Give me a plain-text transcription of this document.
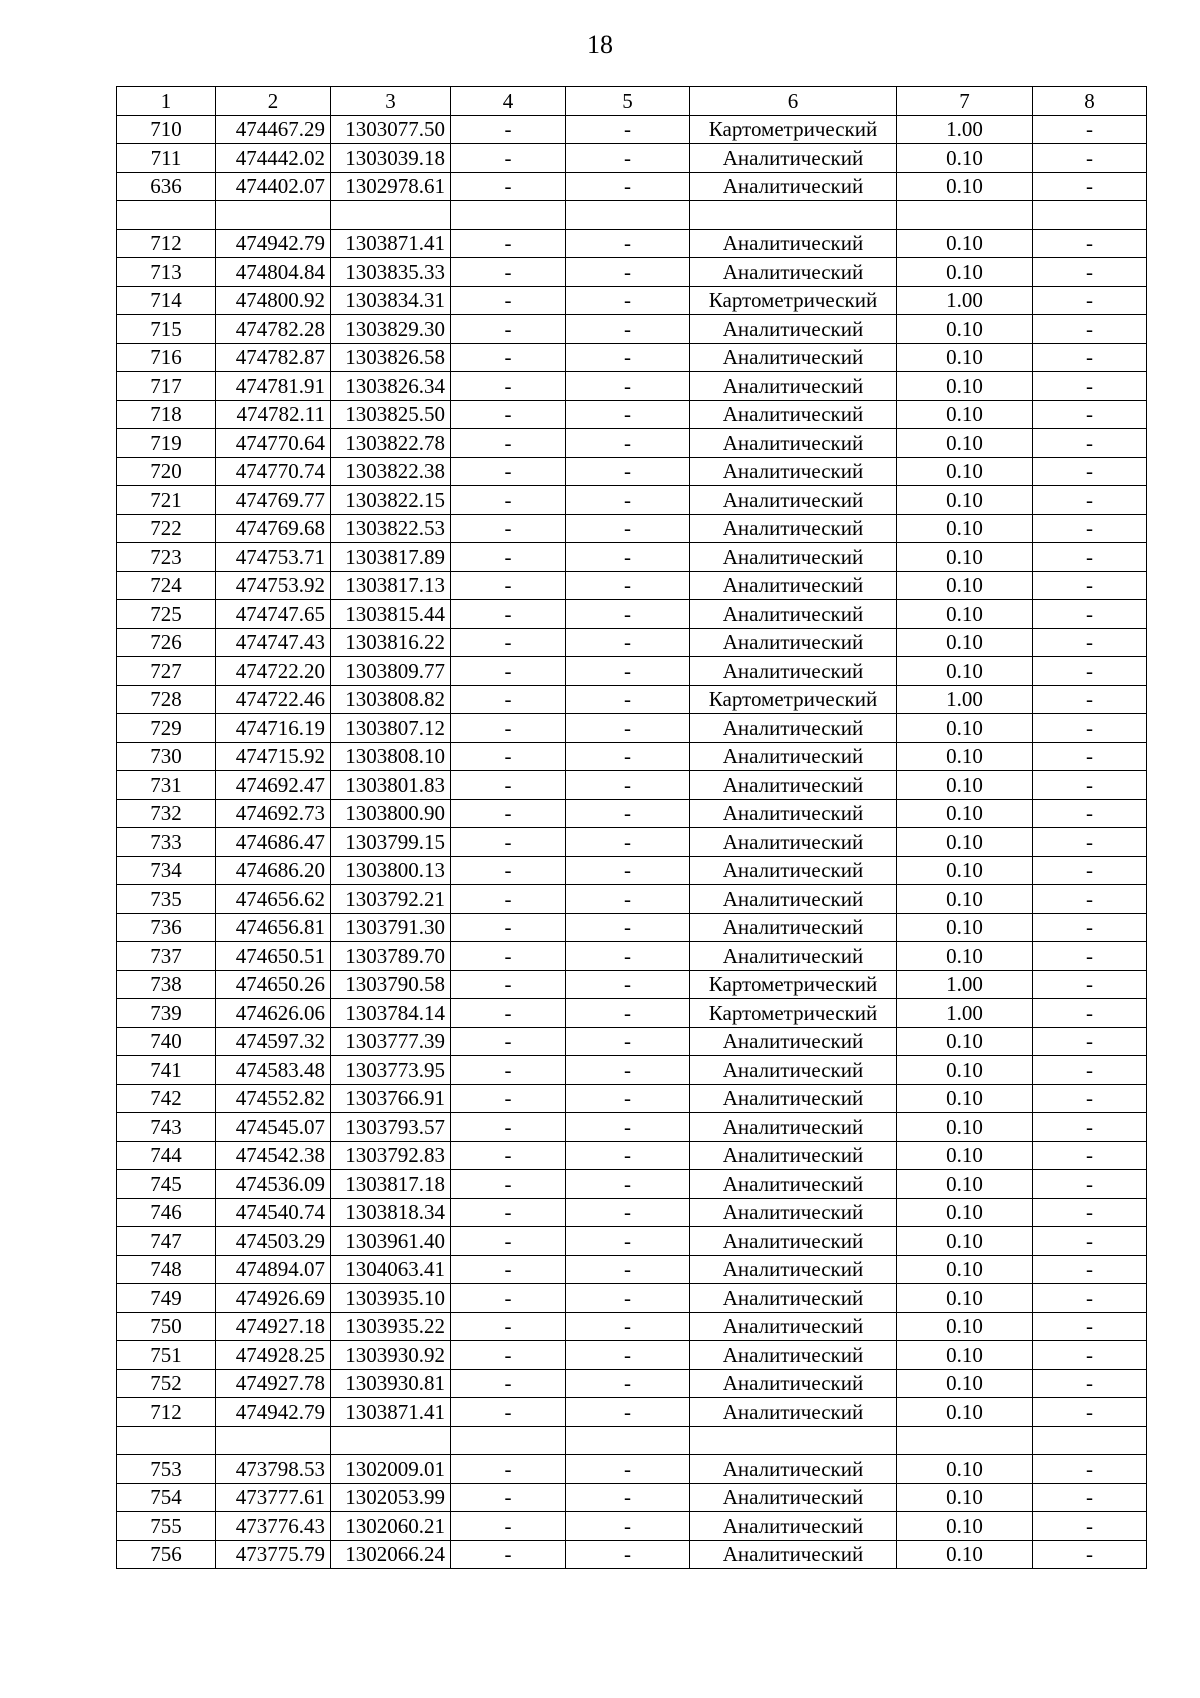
18
1	2	3	4	5	6	7	8
710	474467.29	1303077.50	-	-	Картометрический	1.00	-
711	474442.02	1303039.18	-	-	Аналитический	0.10	-
636	474402.07	1302978.61	-	-	Аналитический	0.10	-

712	474942.79	1303871.41	-	-	Аналитический	0.10	-
713	474804.84	1303835.33	-	-	Аналитический	0.10	-
714	474800.92	1303834.31	-	-	Картометрический	1.00	-
715	474782.28	1303829.30	-	-	Аналитический	0.10	-
716	474782.87	1303826.58	-	-	Аналитический	0.10	-
717	474781.91	1303826.34	-	-	Аналитический	0.10	-
718	474782.11	1303825.50	-	-	Аналитический	0.10	-
719	474770.64	1303822.78	-	-	Аналитический	0.10	-
720	474770.74	1303822.38	-	-	Аналитический	0.10	-
721	474769.77	1303822.15	-	-	Аналитический	0.10	-
722	474769.68	1303822.53	-	-	Аналитический	0.10	-
723	474753.71	1303817.89	-	-	Аналитический	0.10	-
724	474753.92	1303817.13	-	-	Аналитический	0.10	-
725	474747.65	1303815.44	-	-	Аналитический	0.10	-
726	474747.43	1303816.22	-	-	Аналитический	0.10	-
727	474722.20	1303809.77	-	-	Аналитический	0.10	-
728	474722.46	1303808.82	-	-	Картометрический	1.00	-
729	474716.19	1303807.12	-	-	Аналитический	0.10	-
730	474715.92	1303808.10	-	-	Аналитический	0.10	-
731	474692.47	1303801.83	-	-	Аналитический	0.10	-
732	474692.73	1303800.90	-	-	Аналитический	0.10	-
733	474686.47	1303799.15	-	-	Аналитический	0.10	-
734	474686.20	1303800.13	-	-	Аналитический	0.10	-
735	474656.62	1303792.21	-	-	Аналитический	0.10	-
736	474656.81	1303791.30	-	-	Аналитический	0.10	-
737	474650.51	1303789.70	-	-	Аналитический	0.10	-
738	474650.26	1303790.58	-	-	Картометрический	1.00	-
739	474626.06	1303784.14	-	-	Картометрический	1.00	-
740	474597.32	1303777.39	-	-	Аналитический	0.10	-
741	474583.48	1303773.95	-	-	Аналитический	0.10	-
742	474552.82	1303766.91	-	-	Аналитический	0.10	-
743	474545.07	1303793.57	-	-	Аналитический	0.10	-
744	474542.38	1303792.83	-	-	Аналитический	0.10	-
745	474536.09	1303817.18	-	-	Аналитический	0.10	-
746	474540.74	1303818.34	-	-	Аналитический	0.10	-
747	474503.29	1303961.40	-	-	Аналитический	0.10	-
748	474894.07	1304063.41	-	-	Аналитический	0.10	-
749	474926.69	1303935.10	-	-	Аналитический	0.10	-
750	474927.18	1303935.22	-	-	Аналитический	0.10	-
751	474928.25	1303930.92	-	-	Аналитический	0.10	-
752	474927.78	1303930.81	-	-	Аналитический	0.10	-
712	474942.79	1303871.41	-	-	Аналитический	0.10	-

753	473798.53	1302009.01	-	-	Аналитический	0.10	-
754	473777.61	1302053.99	-	-	Аналитический	0.10	-
755	473776.43	1302060.21	-	-	Аналитический	0.10	-
756	473775.79	1302066.24	-	-	Аналитический	0.10	-
